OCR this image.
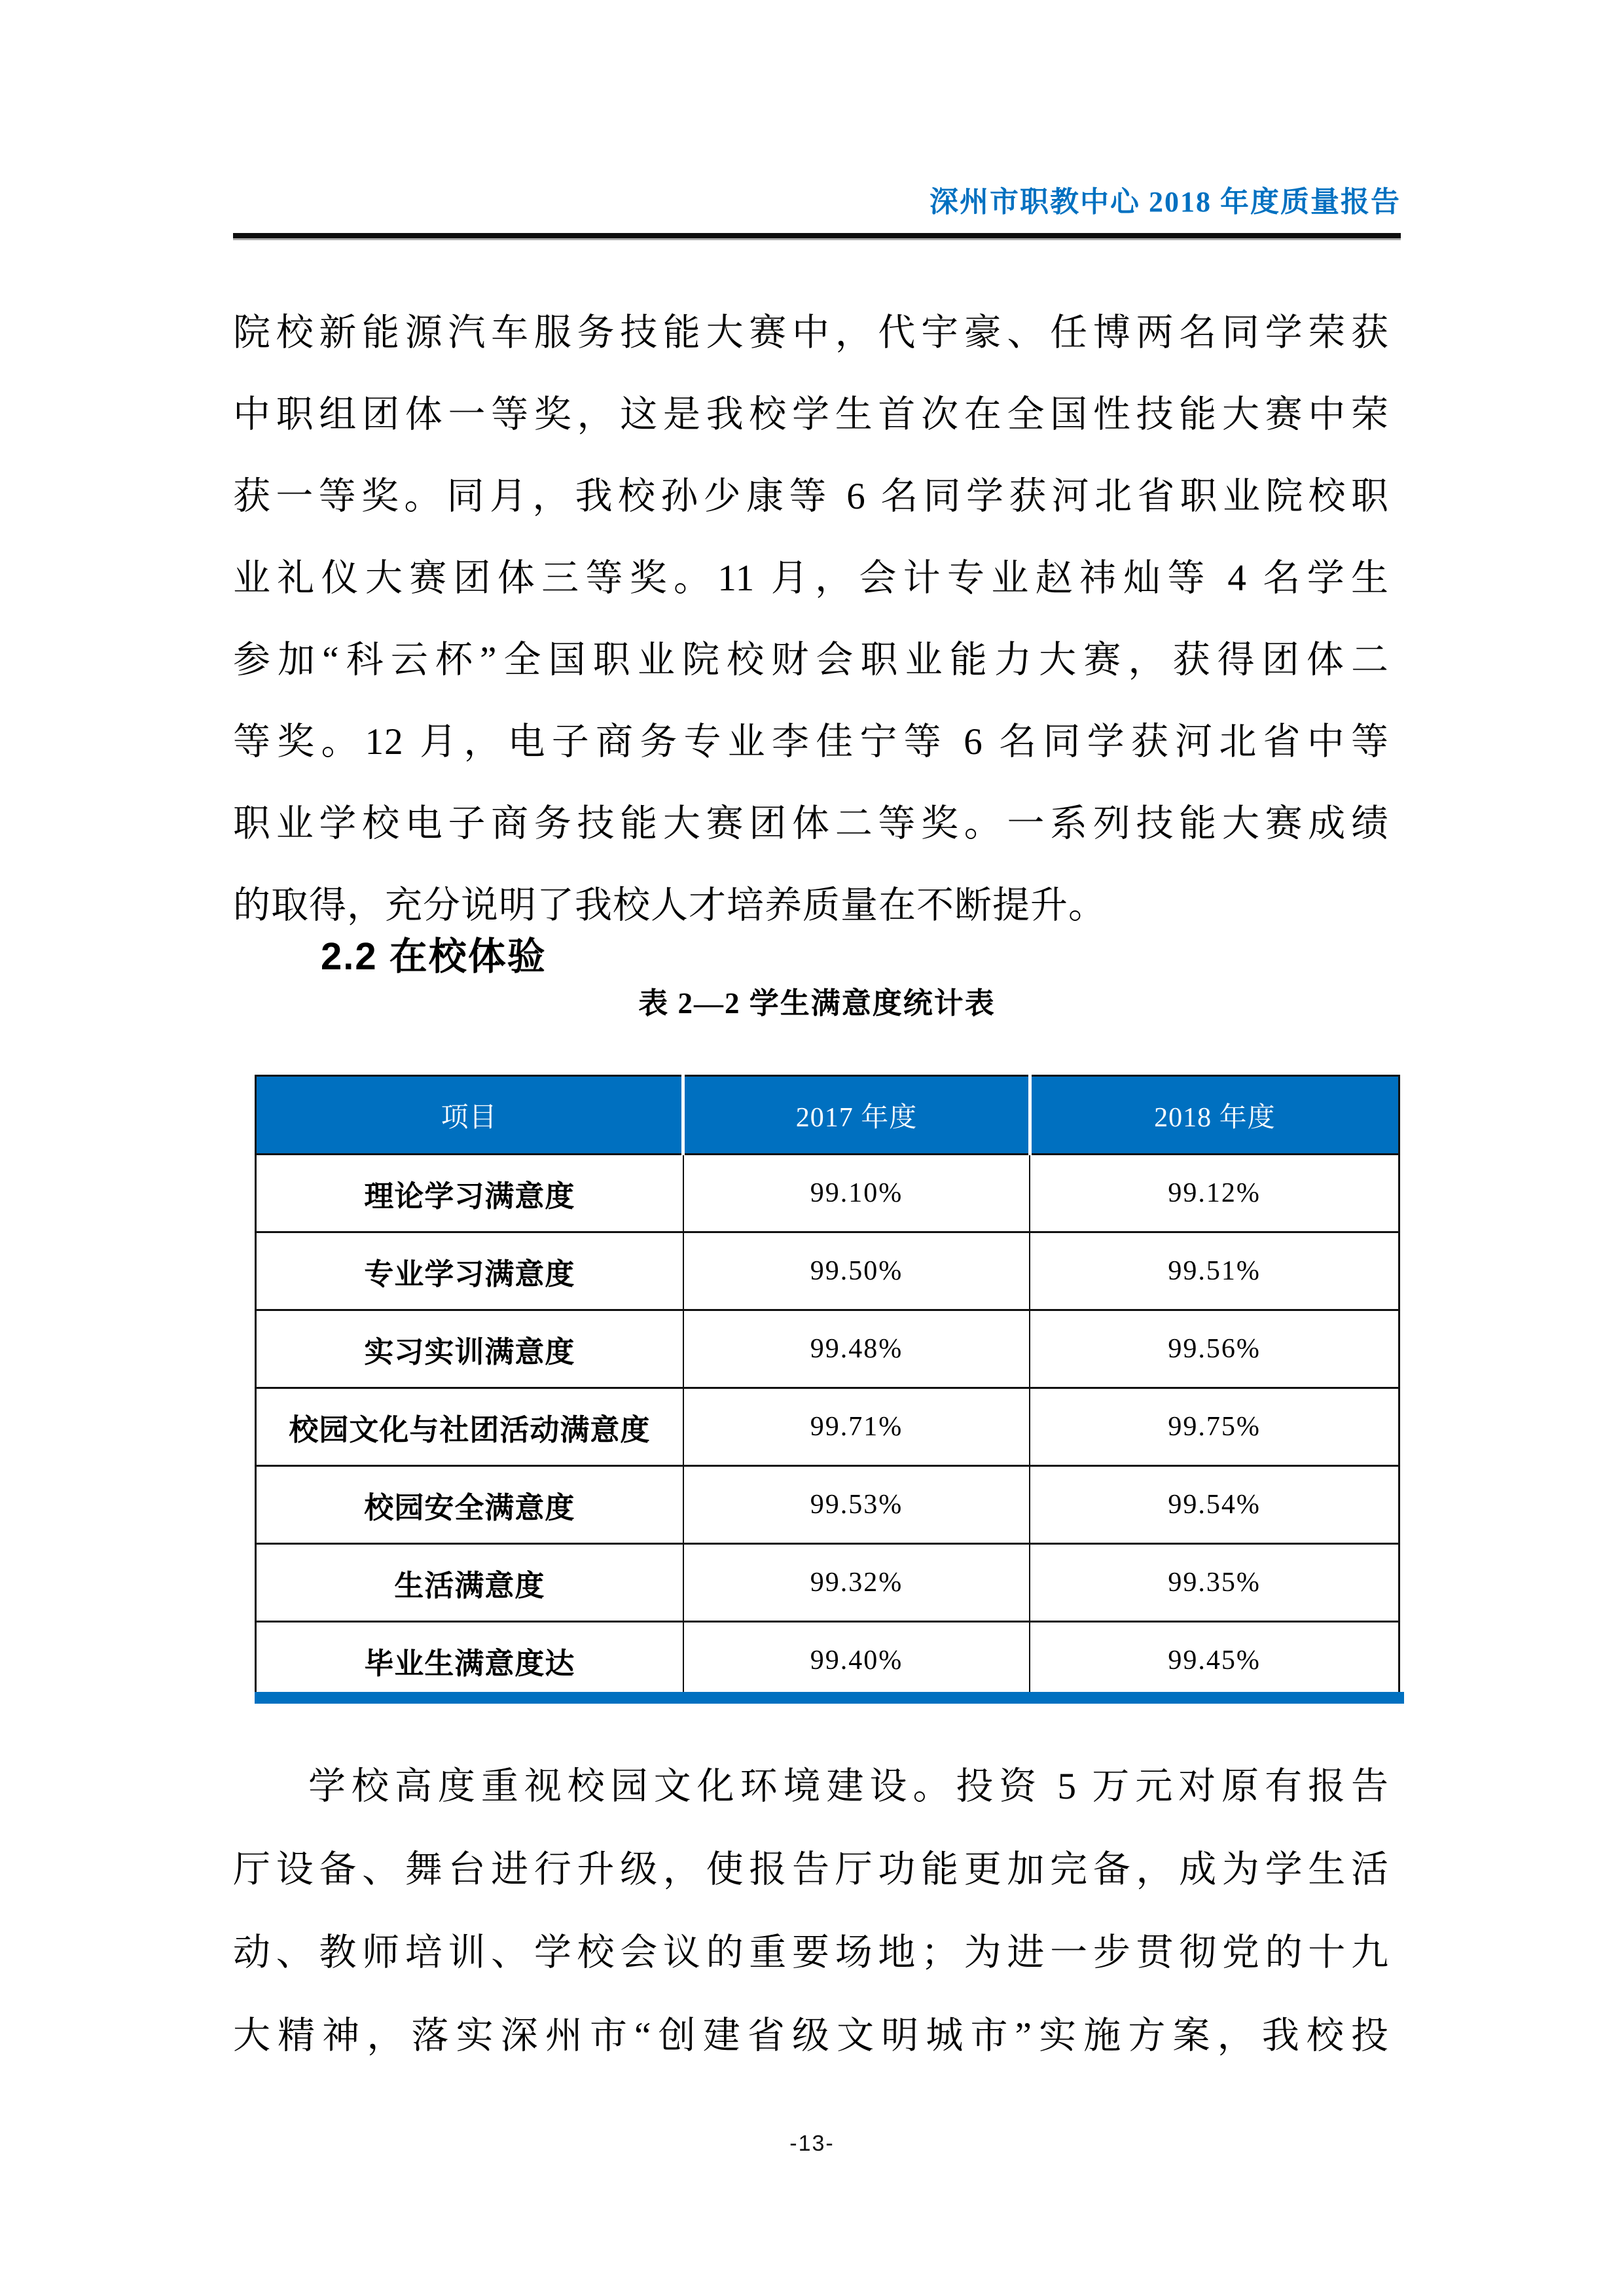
深州市职教中心 2018 年度质量报告
院校新能源汽车服务技能大赛中，代宇豪、任博两名同学荣获
中职组团体一等奖，这是我校学生首次在全国性技能大赛中荣
获一等奖。同月，我校孙少康等 6 名同学获河北省职业院校职
业礼仪大赛团体三等奖。11 月，会计专业赵祎灿等 4 名学生
参加“科云杯”全国职业院校财会职业能力大赛，获得团体二
等奖。12 月，电子商务专业李佳宁等 6 名同学获河北省中等
职业学校电子商务技能大赛团体二等奖。一系列技能大赛成绩
的取得，充分说明了我校人才培养质量在不断提升。
2.2 在校体验
表 2—2 学生满意度统计表
项目	2017 年度	2018 年度
理论学习满意度	99.10%	99.12%
专业学习满意度	99.50%	99.51%
实习实训满意度	99.48%	99.56%
校园文化与社团活动满意度	99.71%	99.75%
校园安全满意度	99.53%	99.54%
生活满意度	99.32%	99.35%
毕业生满意度达	99.40%	99.45%
学校高度重视校园文化环境建设。投资 5 万元对原有报告
厅设备、舞台进行升级，使报告厅功能更加完备，成为学生活
动、教师培训、学校会议的重要场地；为进一步贯彻党的十九
大精神，落实深州市“创建省级文明城市”实施方案，我校投
-13-
